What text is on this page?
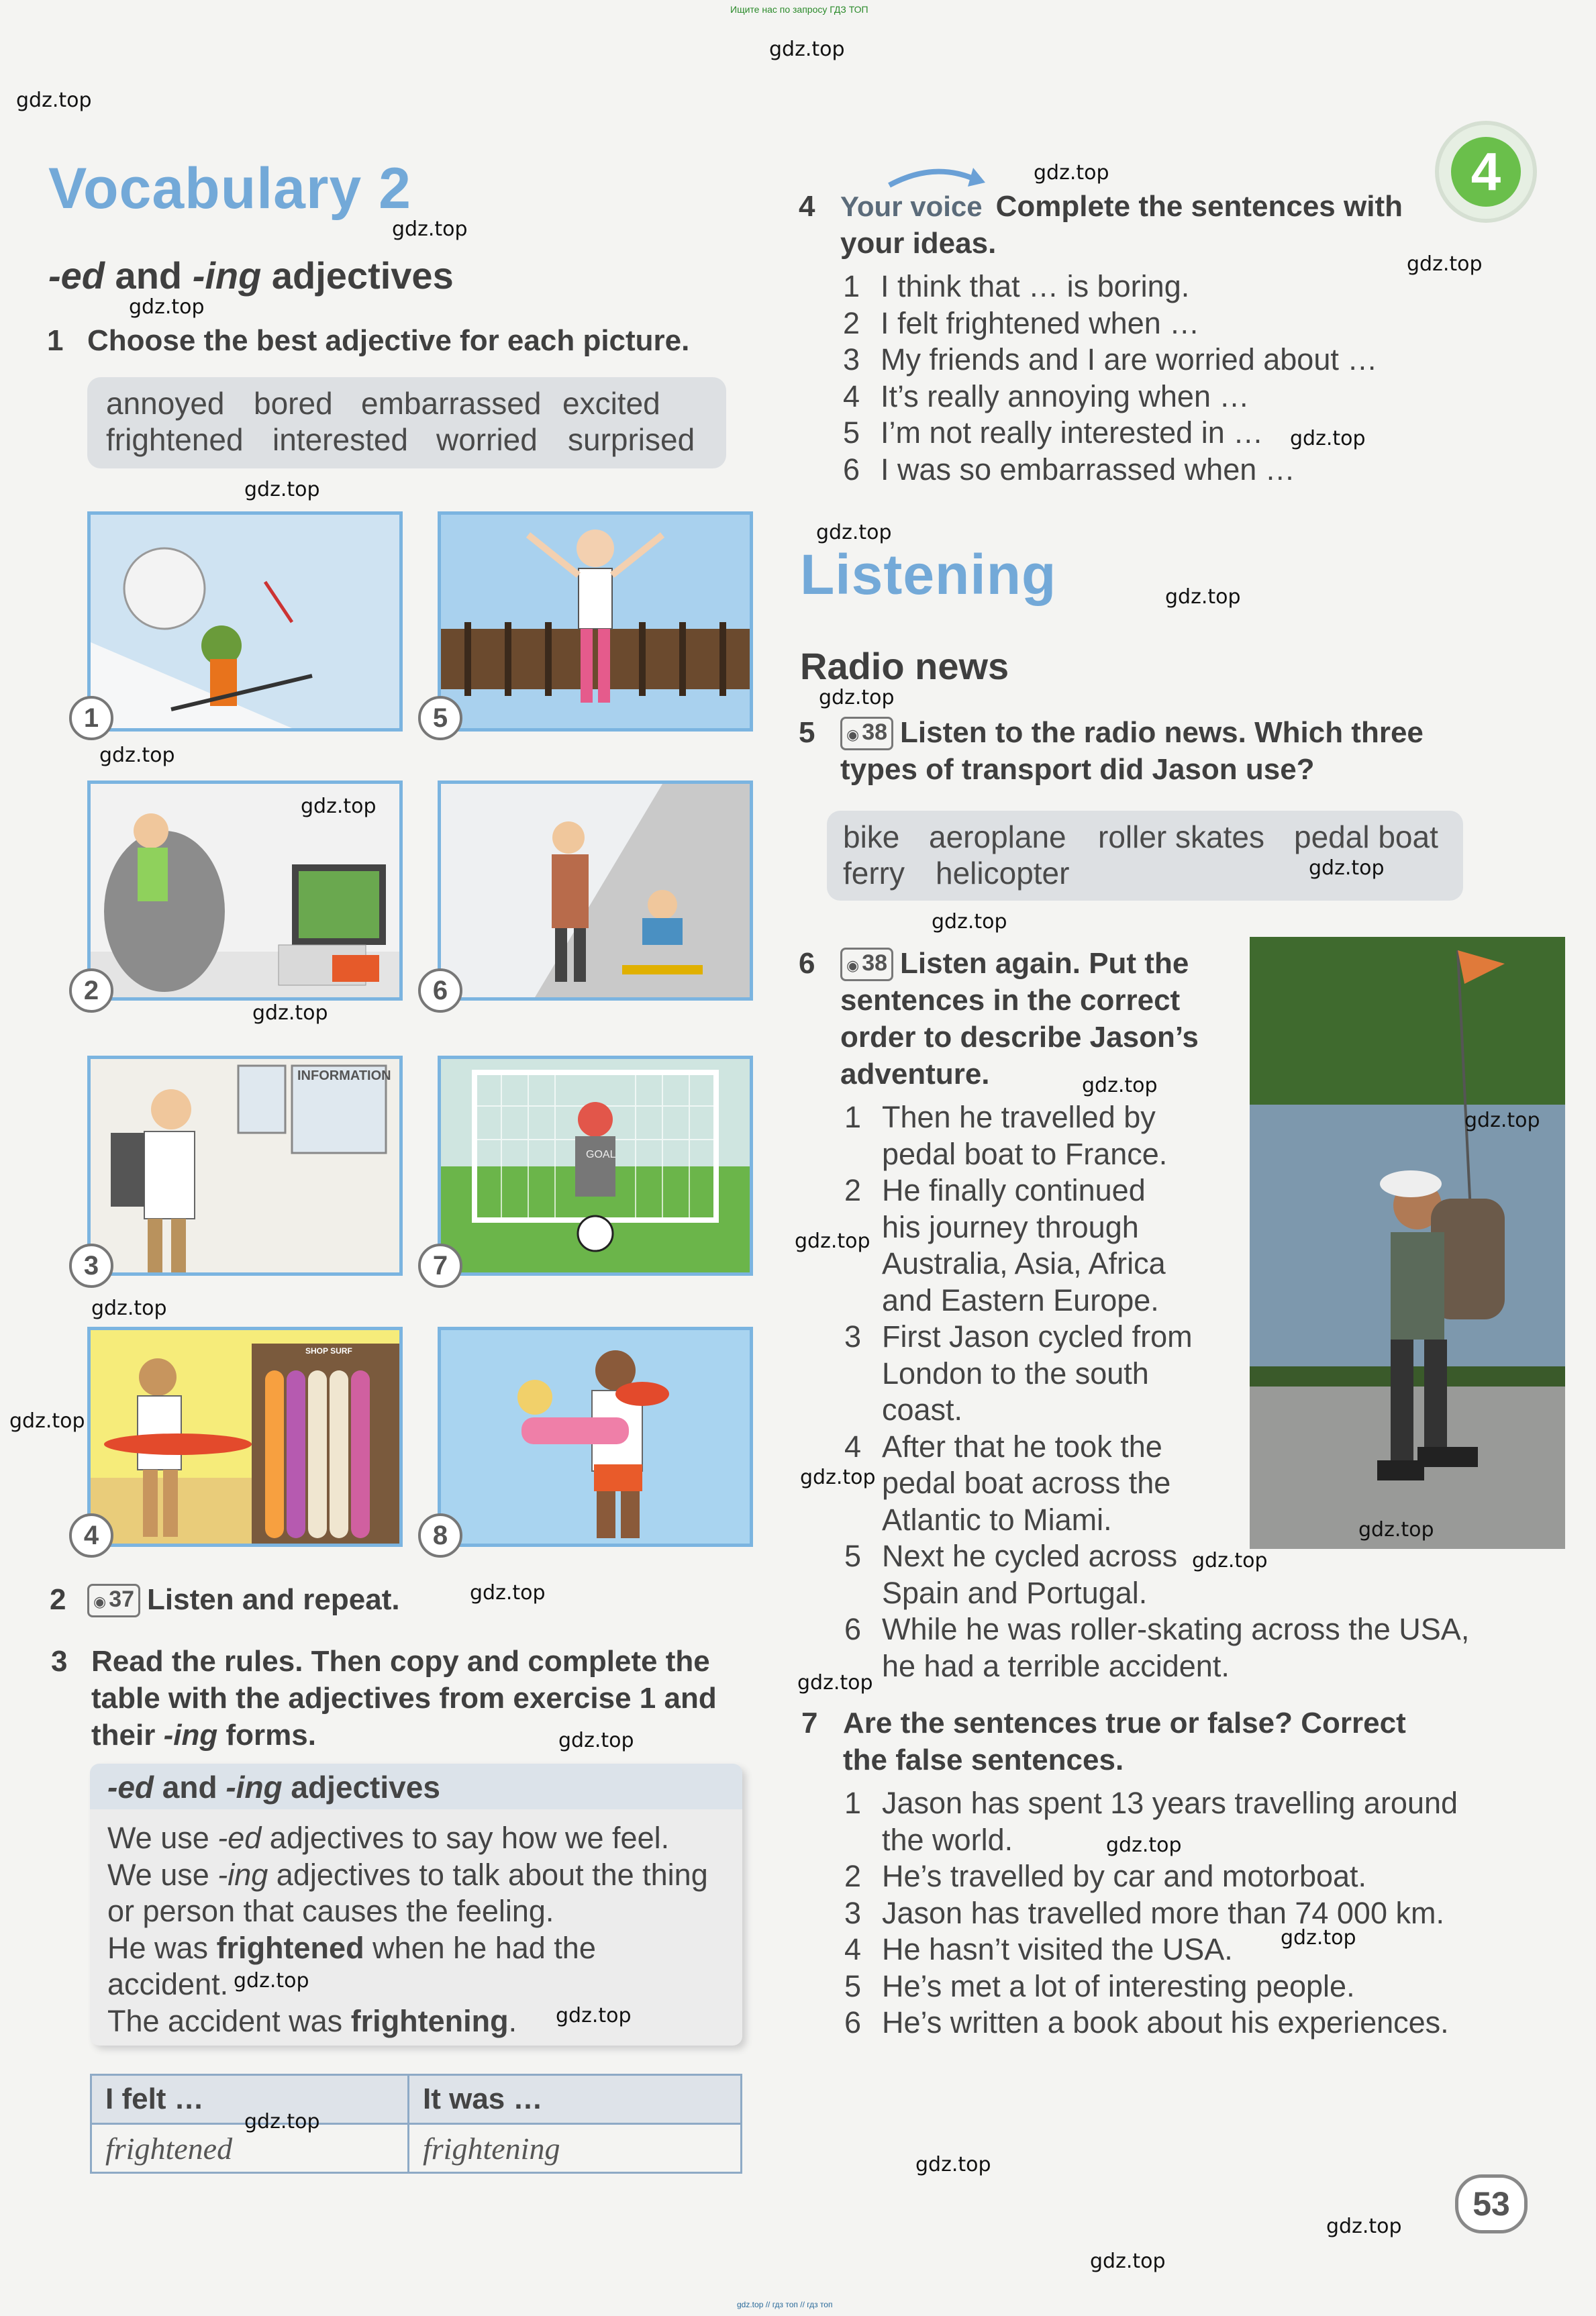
Ищите нас по запросу ГДЗ ТОП
gdz.top // гдз топ // гдз топ
4
Vocabulary 2
-ed and -ing adjectives
1 Choose the best adjective for each picture.
annoyed bored embarrassed excited
frightened interested worried surprised
1	5
2	6
INFORMATION
3
GOAL
7
SHOP SURF
4	8
2 ◉ 37 Listen and repeat.
3 Read the rules. Then copy and complete the
table with the adjectives from exercise 1 and
their -ing forms.
-ed and -ing adjectives
We use -ed adjectives to say how we feel.
We use -ing adjectives to talk about the thing
or person that causes the feeling.
He was frightened when he had the
accident.
The accident was frightening.
I felt …	It was …
frightened	frightening
4 Your voice Complete the sentences with
your ideas.
1 I think that … is boring.
2 I felt frightened when …
3 My friends and I are worried about …
4 It’s really annoying when …
5 I’m not really interested in …
6 I was so embarrassed when …
Listening
Radio news
5	◉ 38 Listen to the radio news. Which three
types of transport did Jason use?
bike aeroplane roller skates pedal boat
ferry helicopter
6	◉ 38 Listen again. Put the
sentences in the correct
order to describe Jason’s
adventure.
1 Then he travelled by
pedal boat to France.
2 He finally continued
his journey through
Australia, Asia, Africa
and Eastern Europe.
3 First Jason cycled from
London to the south
coast.
4 After that he took the
pedal boat across the
Atlantic to Miami.
5 Next he cycled across
Spain and Portugal.
6 While he was roller-skating across the USA,
he had a terrible accident.
7 Are the sentences true or false? Correct
the false sentences.
1 Jason has spent 13 years travelling around
the world.
2 He’s travelled by car and motorboat.
3 Jason has travelled more than 74 000 km.
4 He hasn’t visited the USA.
5 He’s met a lot of interesting people.
6 He’s written a book about his experiences.
53
gdz.top
gdz.top
gdz.top
gdz.top
gdz.top
gdz.top
gdz.top
gdz.top
gdz.top
gdz.top
gdz.top
gdz.top
gdz.top
gdz.top
gdz.top
gdz.top
gdz.top
gdz.top
gdz.top
gdz.top
gdz.top
gdz.top
gdz.top
gdz.top
gdz.top
gdz.top
gdz.top
gdz.top
gdz.top
gdz.top
gdz.top
gdz.top
gdz.top
gdz.top
gdz.top
